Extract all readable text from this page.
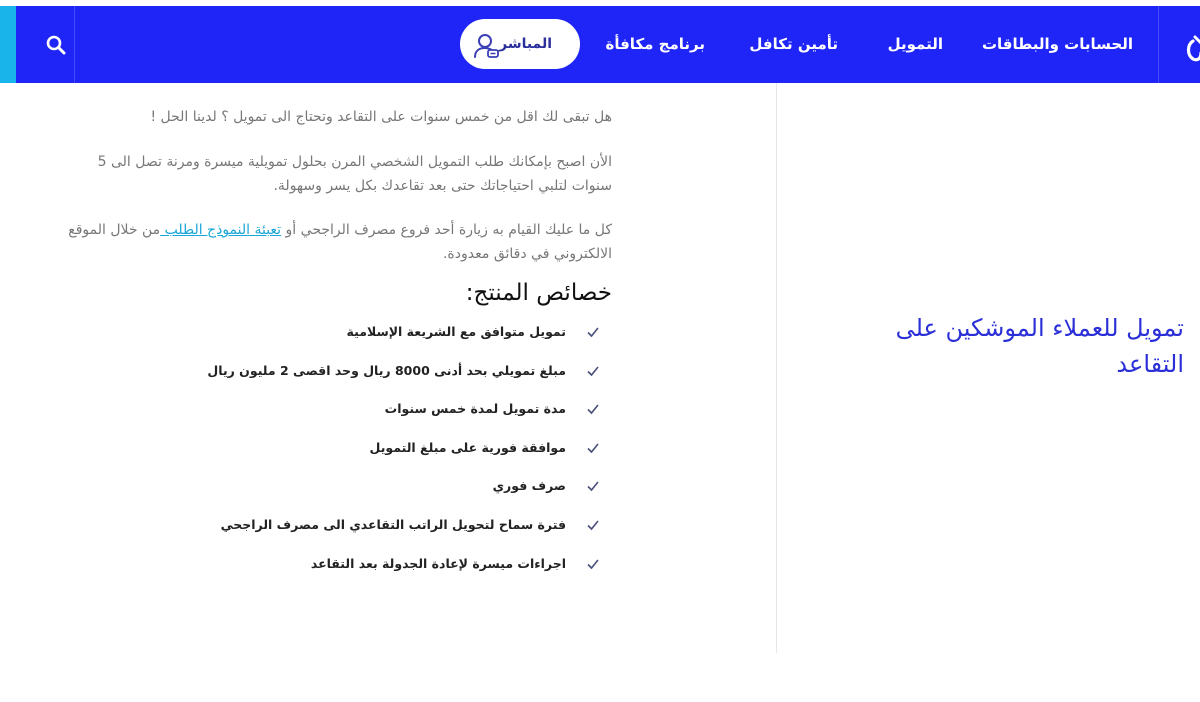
المباشر	برنامج مكافأة	تأمين تكافل	التمويل	الحسابات والبطاقات
تمويل للعملاء الموشكين على التقاعد

هل تبقى لك اقل من خمس سنوات على التقاعد وتحتاج الى تمويل ؟ لدينا الحل !

الأن اصبح بإمكانك طلب التمويل الشخصي المرن بحلول تمويلية ميسرة ومرنة تصل الى 5 سنوات لتلبي احتياجاتك حتى بعد تقاعدك بكل يسر وسهولة.

كل ما عليك القيام به زيارة أحد فروع مصرف الراجحي أو تعبئة النموذج الطلب من خلال الموقع الالكتروني في دقائق معدودة.

خصائص المنتج:
تمويل متوافق مع الشريعة الإسلامية
مبلغ تمويلي بحد أدنى 8000 ريال وحد اقصى 2 مليون ريال
مدة تمويل لمدة خمس سنوات
موافقة فورية على مبلغ التمويل
صرف فوري
فترة سماح لتحويل الراتب التقاعدي الى مصرف الراجحي
اجراءات ميسرة لإعادة الجدولة بعد التقاعد
